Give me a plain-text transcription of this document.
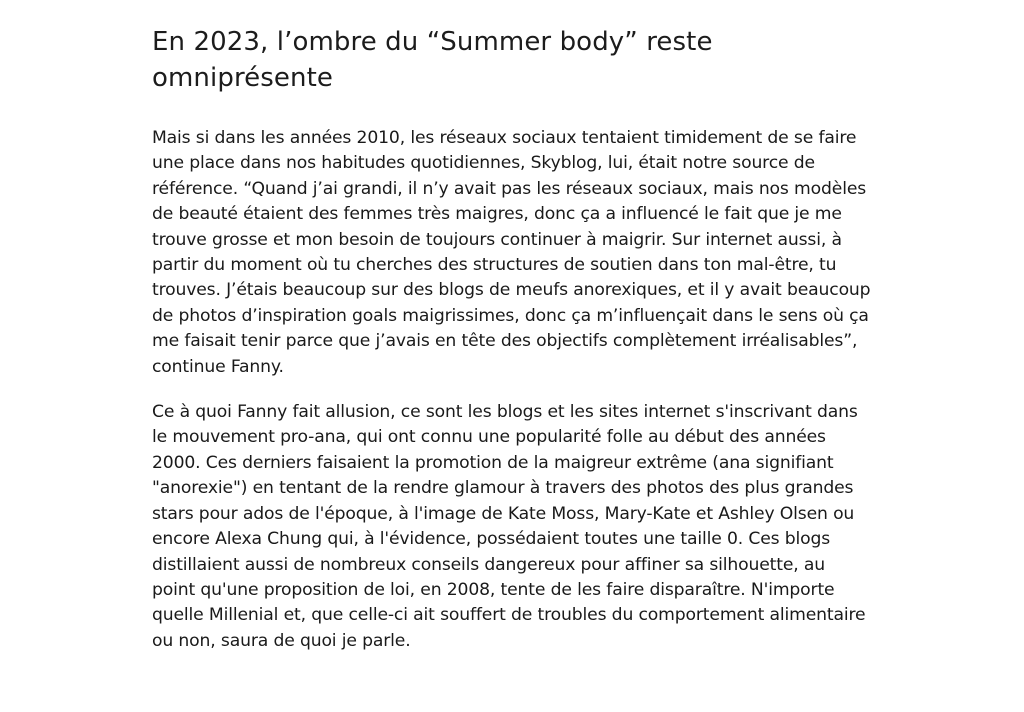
En 2023, l’ombre du “Summer body” reste omniprésente

Mais si dans les années 2010, les réseaux sociaux tentaient timidement de se faire une place dans nos habitudes quotidiennes, Skyblog, lui, était notre source de référence. “Quand j’ai grandi, il n’y avait pas les réseaux sociaux, mais nos modèles de beauté étaient des femmes très maigres, donc ça a influencé le fait que je me trouve grosse et mon besoin de toujours continuer à maigrir. Sur internet aussi, à partir du moment où tu cherches des structures de soutien dans ton mal-être, tu trouves. J’étais beaucoup sur des blogs de meufs anorexiques, et il y avait beaucoup de photos d’inspiration goals maigrissimes, donc ça m’influençait dans le sens où ça me faisait tenir parce que j’avais en tête des objectifs complètement irréalisables”, continue Fanny.

Ce à quoi Fanny fait allusion, ce sont les blogs et les sites internet s'inscrivant dans le mouvement pro-ana, qui ont connu une popularité folle au début des années 2000. Ces derniers faisaient la promotion de la maigreur extrême (ana signifiant "anorexie") en tentant de la rendre glamour à travers des photos des plus grandes stars pour ados de l'époque, à l'image de Kate Moss, Mary-Kate et Ashley Olsen ou encore Alexa Chung qui, à l'évidence, possédaient toutes une taille 0. Ces blogs distillaient aussi de nombreux conseils dangereux pour affiner sa silhouette, au point qu'une proposition de loi, en 2008, tente de les faire disparaître. N'importe quelle Millenial et, que celle-ci ait souffert de troubles du comportement alimentaire ou non, saura de quoi je parle.
